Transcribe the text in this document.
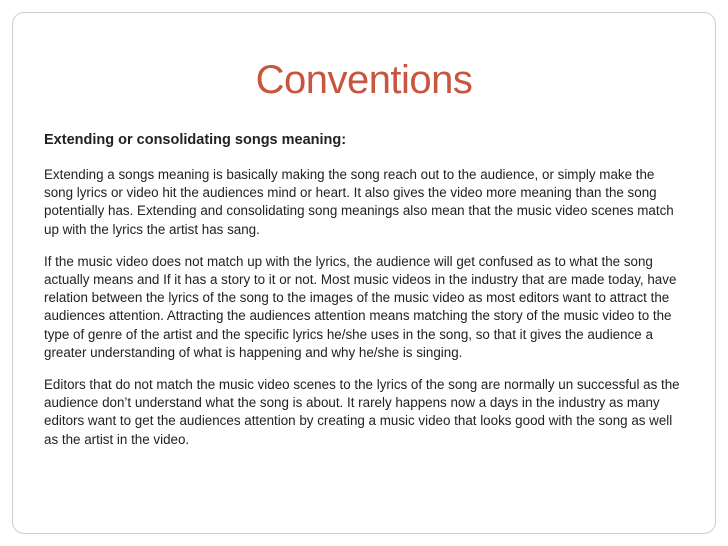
Conventions

Extending or consolidating songs meaning:

Extending a songs meaning is basically making the song reach out to the audience, or simply make the song lyrics or video hit the audiences mind or heart. It also gives the video more meaning than the song potentially has. Extending and consolidating song meanings also mean that the music video scenes match up with the lyrics the artist has sang.

If the music video does not match up with the lyrics, the audience will get confused as to what the song actually means and If it has a story to it or not. Most music videos in the industry that are made today, have relation between the lyrics of the song to the images of the music video as most editors want to attract the audiences attention. Attracting the audiences attention means matching the story of the music video to the type of genre of the artist and the specific lyrics he/she uses in the song, so that it gives the audience a greater understanding of what is happening and why he/she is singing.

Editors that do not match the music video scenes to the lyrics of the song are normally un successful as the audience don’t understand what the song is about. It rarely happens now a days in the industry as many editors want to get the audiences attention by creating a music video that looks good with the song as well as the artist in the video.
